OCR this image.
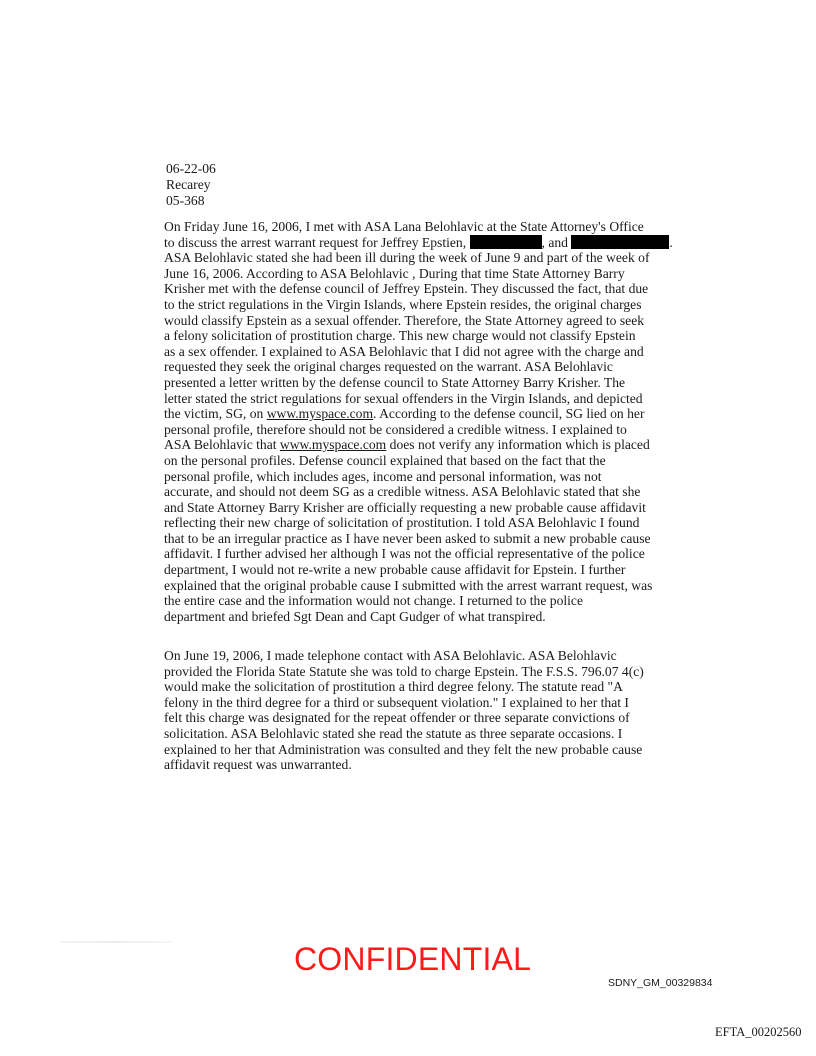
06-22-06
Recarey
05-368
On Friday June 16, 2006, I met with ASA Lana Belohlavic at the State Attorney's Office
to discuss the arrest warrant request for Jeffrey Epstien,	, and	.
ASA Belohlavic stated she had been ill during the week of June 9 and part of the week of
June 16, 2006. According to ASA Belohlavic , During that time State Attorney Barry
Krisher met with the defense council of Jeffrey Epstein. They discussed the fact, that due
to the strict regulations in the Virgin Islands, where Epstein resides, the original charges
would classify Epstein as a sexual offender. Therefore, the State Attorney agreed to seek
a felony solicitation of prostitution charge. This new charge would not classify Epstein
as a sex offender. I explained to ASA Belohlavic that I did not agree with the charge and
requested they seek the original charges requested on the warrant. ASA Belohlavic
presented a letter written by the defense council to State Attorney Barry Krisher. The
letter stated the strict regulations for sexual offenders in the Virgin Islands, and depicted
the victim, SG, on www.myspace.com. According to the defense council, SG lied on her
personal profile, therefore should not be considered a credible witness. I explained to
ASA Belohlavic that www.myspace.com does not verify any information which is placed
on the personal profiles. Defense council explained that based on the fact that the
personal profile, which includes ages, income and personal information, was not
accurate, and should not deem SG as a credible witness. ASA Belohlavic stated that she
and State Attorney Barry Krisher are officially requesting a new probable cause affidavit
reflecting their new charge of solicitation of prostitution. I told ASA Belohlavic I found
that to be an irregular practice as I have never been asked to submit a new probable cause
affidavit. I further advised her although I was not the official representative of the police
department, I would not re-write a new probable cause affidavit for Epstein. I further
explained that the original probable cause I submitted with the arrest warrant request, was
the entire case and the information would not change. I returned to the police
department and briefed Sgt Dean and Capt Gudger of what transpired.
On June 19, 2006, I made telephone contact with ASA Belohlavic. ASA Belohlavic
provided the Florida State Statute she was told to charge Epstein. The F.S.S. 796.07 4(c)
would make the solicitation of prostitution a third degree felony. The statute read "A
felony in the third degree for a third or subsequent violation." I explained to her that I
felt this charge was designated for the repeat offender or three separate convictions of
solicitation. ASA Belohlavic stated she read the statute as three separate occasions. I
explained to her that Administration was consulted and they felt the new probable cause
affidavit request was unwarranted.
CONFIDENTIAL
SDNY_GM_00329834
EFTA_00202560
